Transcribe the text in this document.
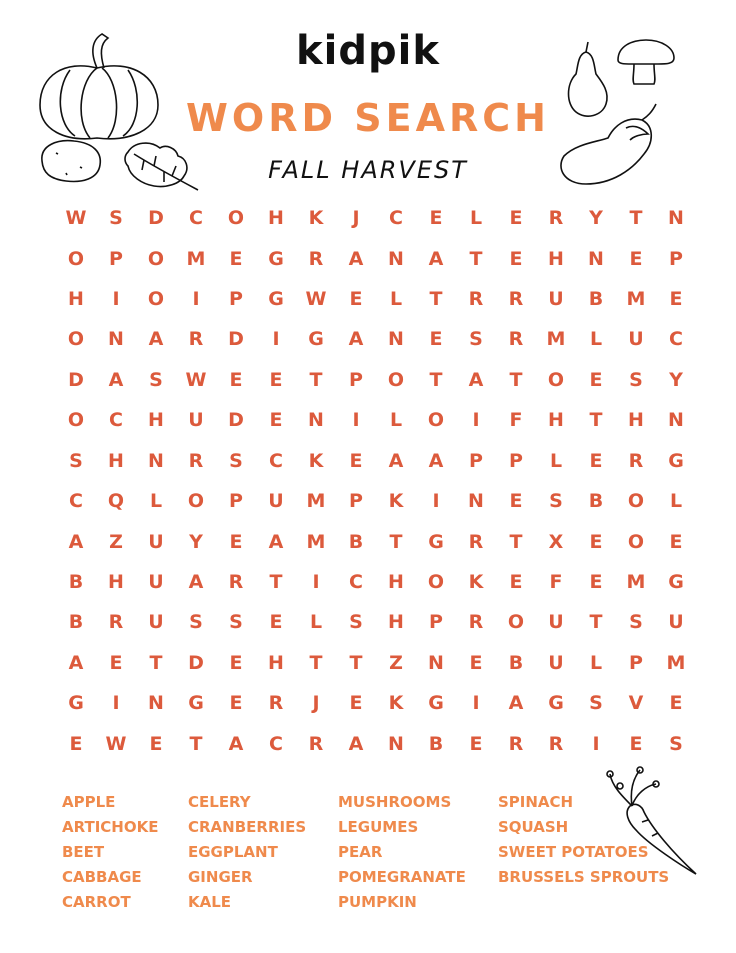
kidpik
WORD SEARCH
FALL HARVEST
W	S	D	C	O	H	K	J	C	E	L	E	R	Y	T	N
O	P	O	M	E	G	R	A	N	A	T	E	H	N	E	P
H	I	O	I	P	G	W	E	L	T	R	R	U	B	M	E
O	N	A	R	D	I	G	A	N	E	S	R	M	L	U	C
D	A	S	W	E	E	T	P	O	T	A	T	O	E	S	Y
O	C	H	U	D	E	N	I	L	O	I	F	H	T	H	N
S	H	N	R	S	C	K	E	A	A	P	P	L	E	R	G
C	Q	L	O	P	U	M	P	K	I	N	E	S	B	O	L
A	Z	U	Y	E	A	M	B	T	G	R	T	X	E	O	E
B	H	U	A	R	T	I	C	H	O	K	E	F	E	M	G
B	R	U	S	S	E	L	S	H	P	R	O	U	T	S	U
A	E	T	D	E	H	T	T	Z	N	E	B	U	L	P	M
G	I	N	G	E	R	J	E	K	G	I	A	G	S	V	E
E	W	E	T	A	C	R	A	N	B	E	R	R	I	E	S
APPLE
ARTICHOKE
BEET
CABBAGE
CARROT
CELERY
CRANBERRIES
EGGPLANT
GINGER
KALE
MUSHROOMS
LEGUMES
PEAR
POMEGRANATE
PUMPKIN
SPINACH
SQUASH
SWEET POTATOES
BRUSSELS SPROUTS
